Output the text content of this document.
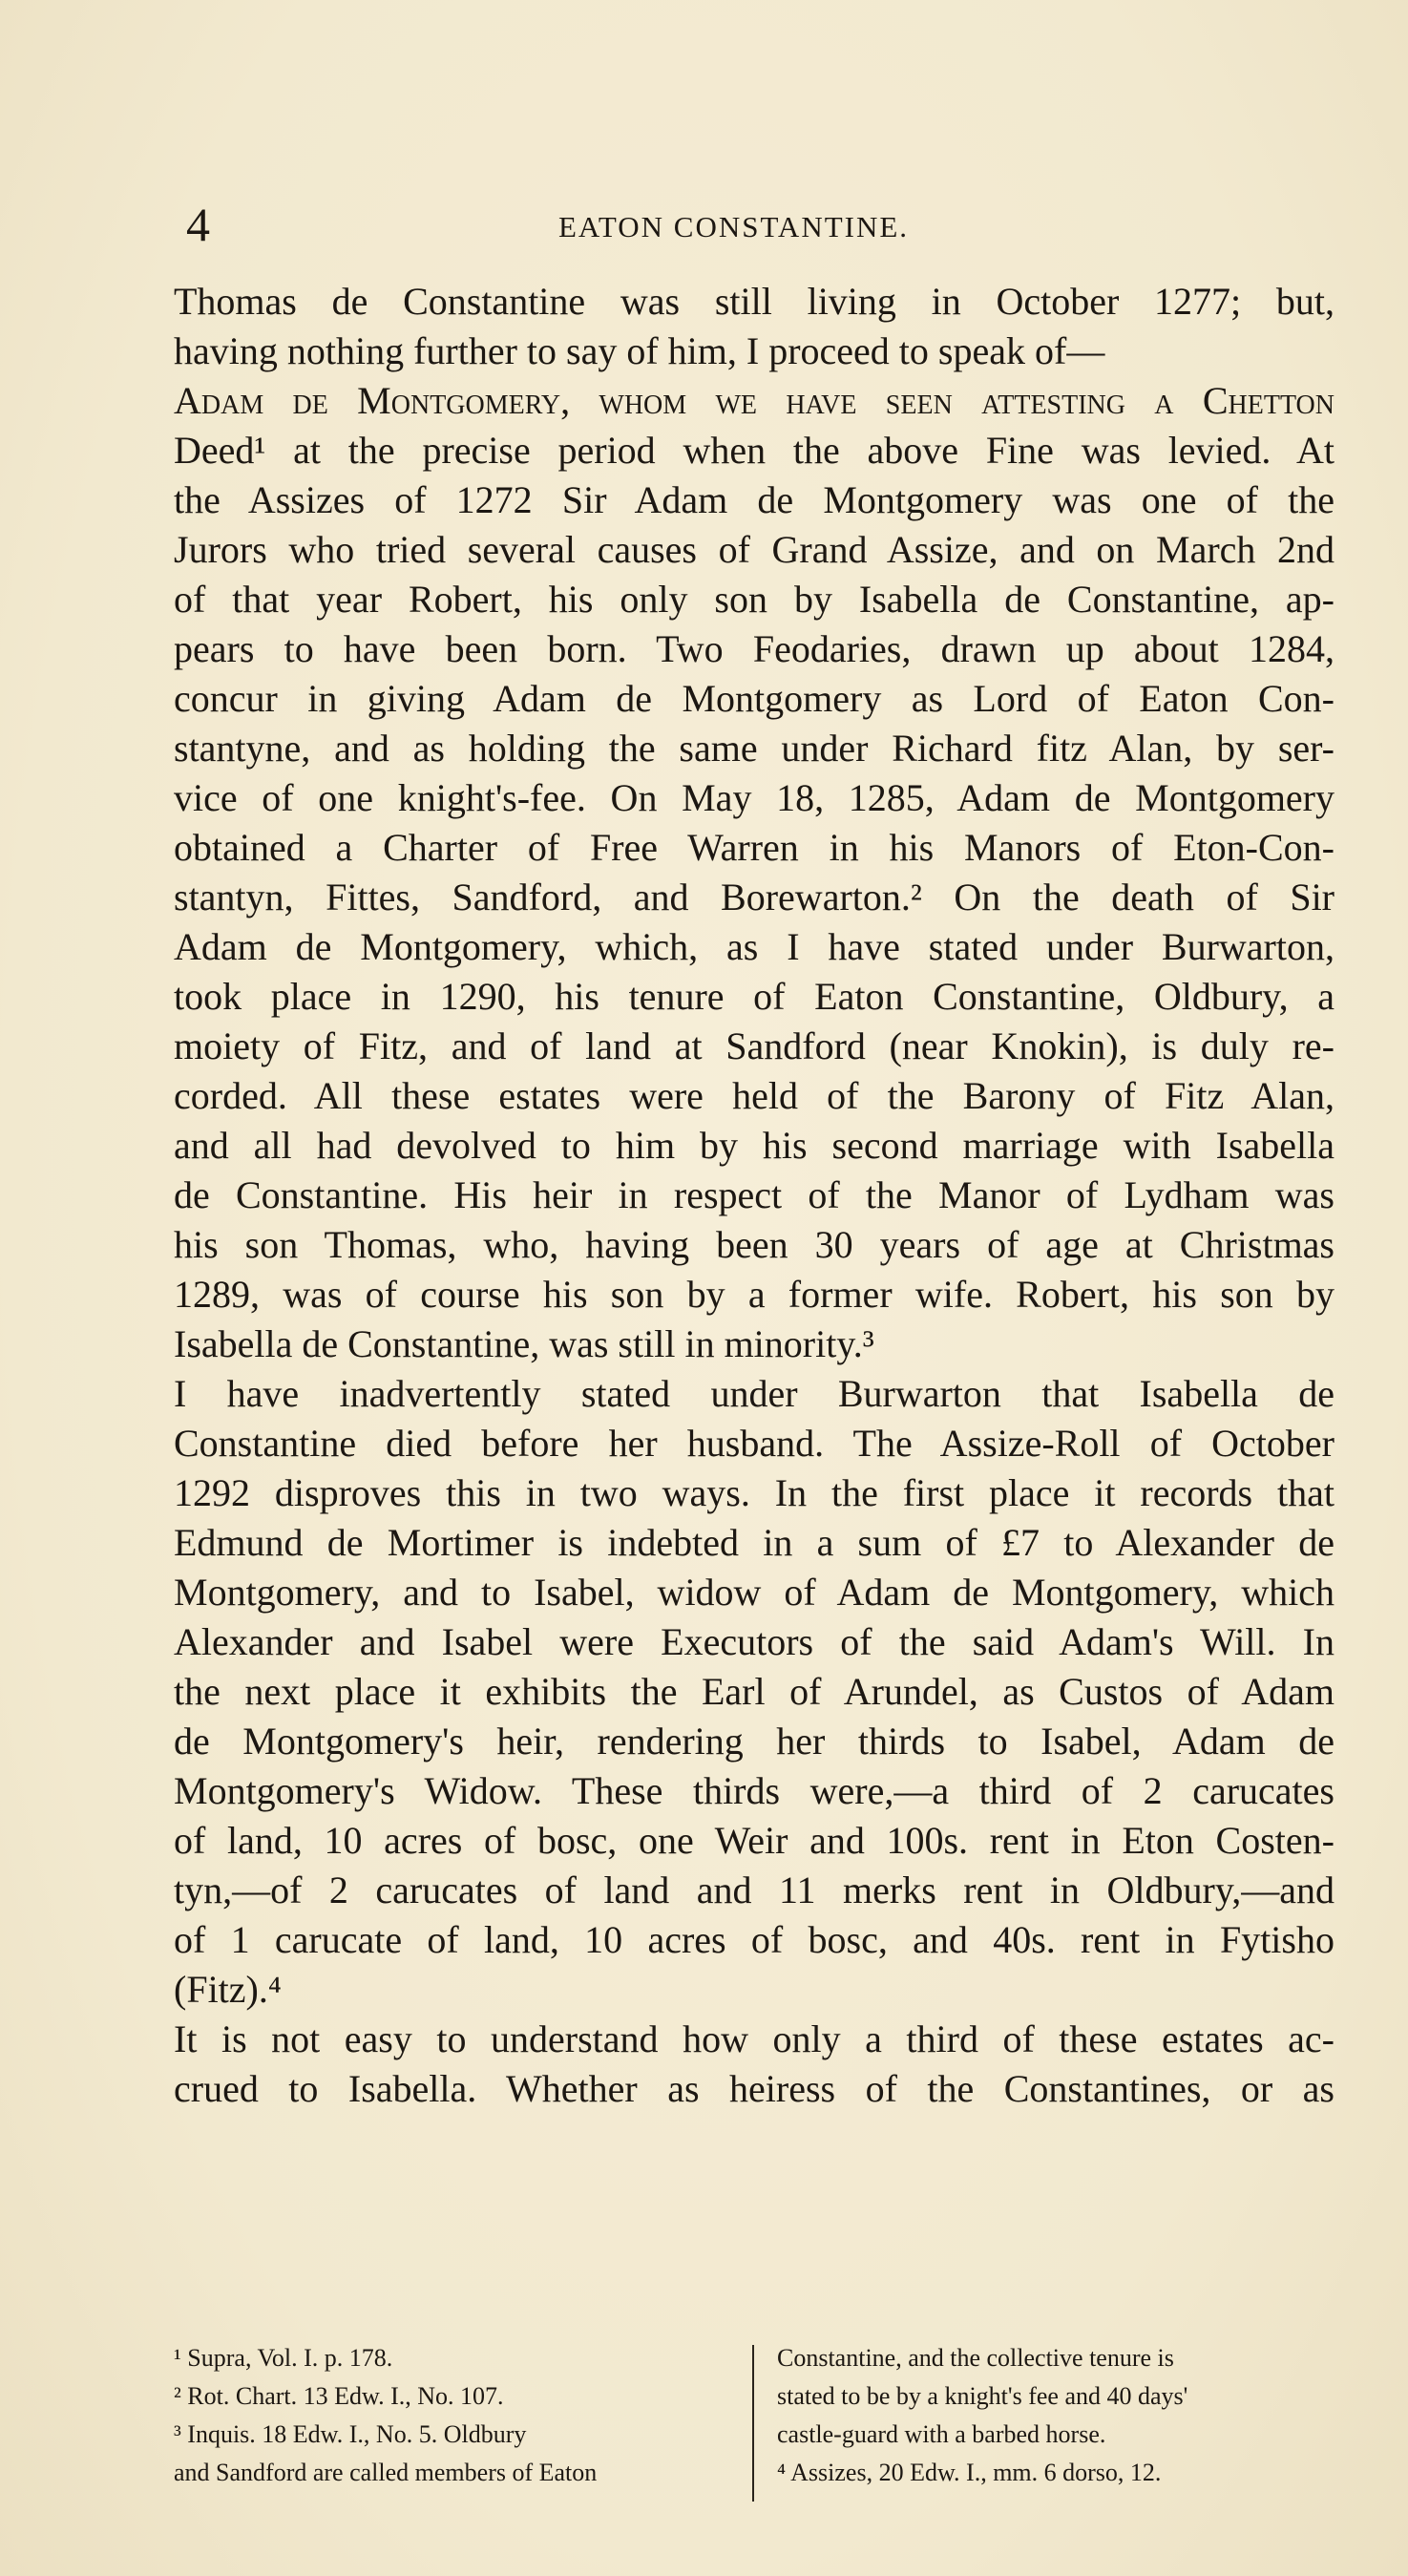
4	EATON CONSTANTINE.
Thomas de Constantine was still living in October 1277; but,
having nothing further to say of him, I proceed to speak of—
Adam de Montgomery, whom we have seen attesting a Chetton
Deed¹ at the precise period when the above Fine was levied. At
the Assizes of 1272 Sir Adam de Montgomery was one of the
Jurors who tried several causes of Grand Assize, and on March 2nd
of that year Robert, his only son by Isabella de Constantine, ap-
pears to have been born. Two Feodaries, drawn up about 1284,
concur in giving Adam de Montgomery as Lord of Eaton Con-
stantyne, and as holding the same under Richard fitz Alan, by ser-
vice of one knight's-fee. On May 18, 1285, Adam de Montgomery
obtained a Charter of Free Warren in his Manors of Eton-Con-
stantyn, Fittes, Sandford, and Borewarton.² On the death of Sir
Adam de Montgomery, which, as I have stated under Burwarton,
took place in 1290, his tenure of Eaton Constantine, Oldbury, a
moiety of Fitz, and of land at Sandford (near Knokin), is duly re-
corded. All these estates were held of the Barony of Fitz Alan,
and all had devolved to him by his second marriage with Isabella
de Constantine. His heir in respect of the Manor of Lydham was
his son Thomas, who, having been 30 years of age at Christmas
1289, was of course his son by a former wife. Robert, his son by
Isabella de Constantine, was still in minority.³
I have inadvertently stated under Burwarton that Isabella de
Constantine died before her husband. The Assize-Roll of October
1292 disproves this in two ways. In the first place it records that
Edmund de Mortimer is indebted in a sum of £7 to Alexander de
Montgomery, and to Isabel, widow of Adam de Montgomery, which
Alexander and Isabel were Executors of the said Adam's Will. In
the next place it exhibits the Earl of Arundel, as Custos of Adam
de Montgomery's heir, rendering her thirds to Isabel, Adam de
Montgomery's Widow. These thirds were,—a third of 2 carucates
of land, 10 acres of bosc, one Weir and 100s. rent in Eton Costen-
tyn,—of 2 carucates of land and 11 merks rent in Oldbury,—and
of 1 carucate of land, 10 acres of bosc, and 40s. rent in Fytisho
(Fitz).⁴
It is not easy to understand how only a third of these estates ac-
crued to Isabella. Whether as heiress of the Constantines, or as
¹ Supra, Vol. I. p. 178.
² Rot. Chart. 13 Edw. I., No. 107.
³ Inquis. 18 Edw. I., No. 5. Oldbury
and Sandford are called members of Eaton
Constantine, and the collective tenure is
stated to be by a knight's fee and 40 days'
castle-guard with a barbed horse.
⁴ Assizes, 20 Edw. I., mm. 6 dorso, 12.
